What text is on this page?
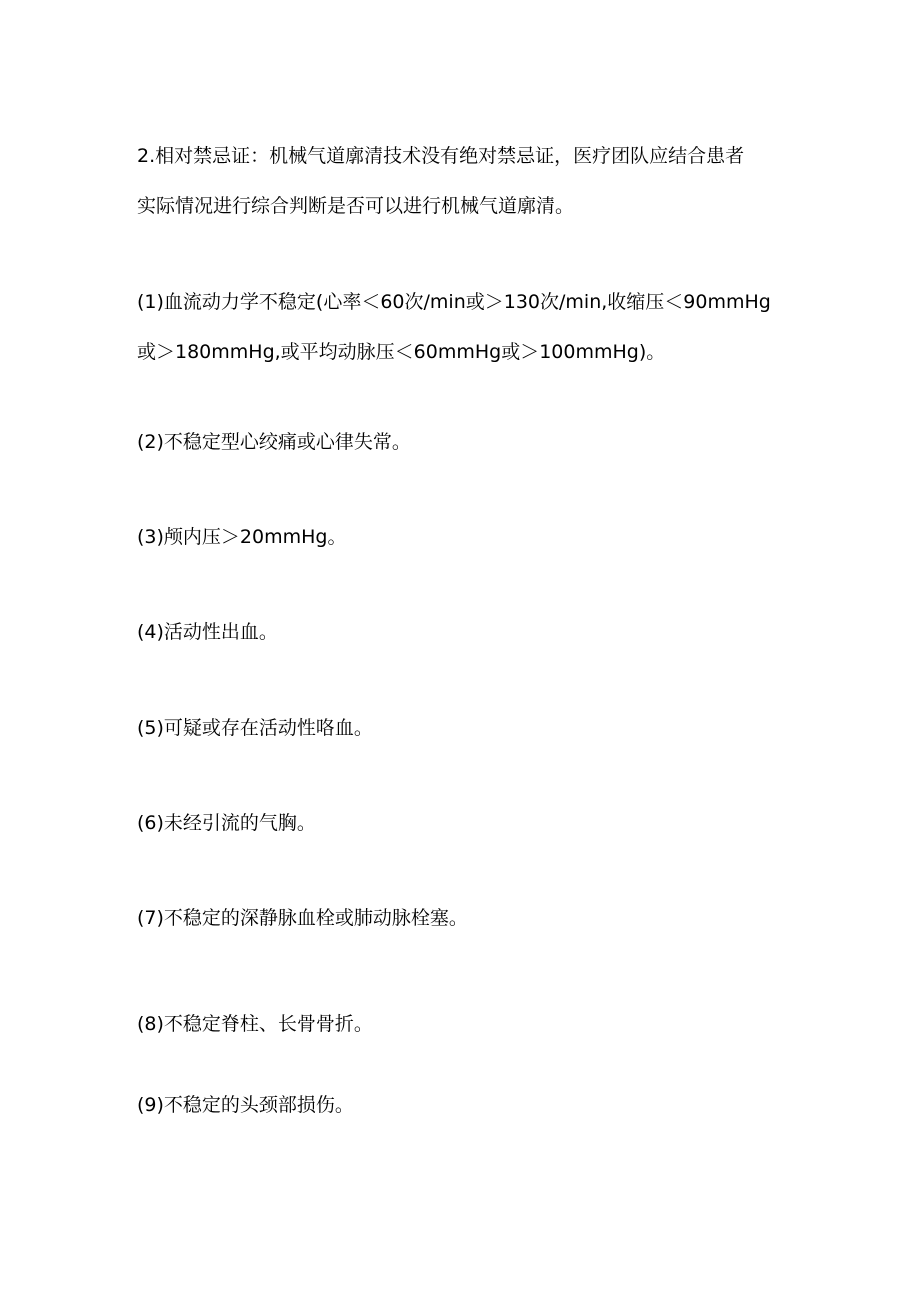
2.相对禁忌证：机械气道廓清技术没有绝对禁忌证，医疗团队应结合患者
实际情况进行综合判断是否可以进行机械气道廓清。

(1)血流动力学不稳定(心率＜60次/min或＞130次/min,收缩压＜90mmHg
或＞180mmHg,或平均动脉压＜60mmHg或＞100mmHg)。

(2)不稳定型心绞痛或心律失常。

(3)颅内压＞20mmHg。

(4)活动性出血。

(5)可疑或存在活动性咯血。

(6)未经引流的气胸。

(7)不稳定的深静脉血栓或肺动脉栓塞。

(8)不稳定脊柱、长骨骨折。

(9)不稳定的头颈部损伤。
